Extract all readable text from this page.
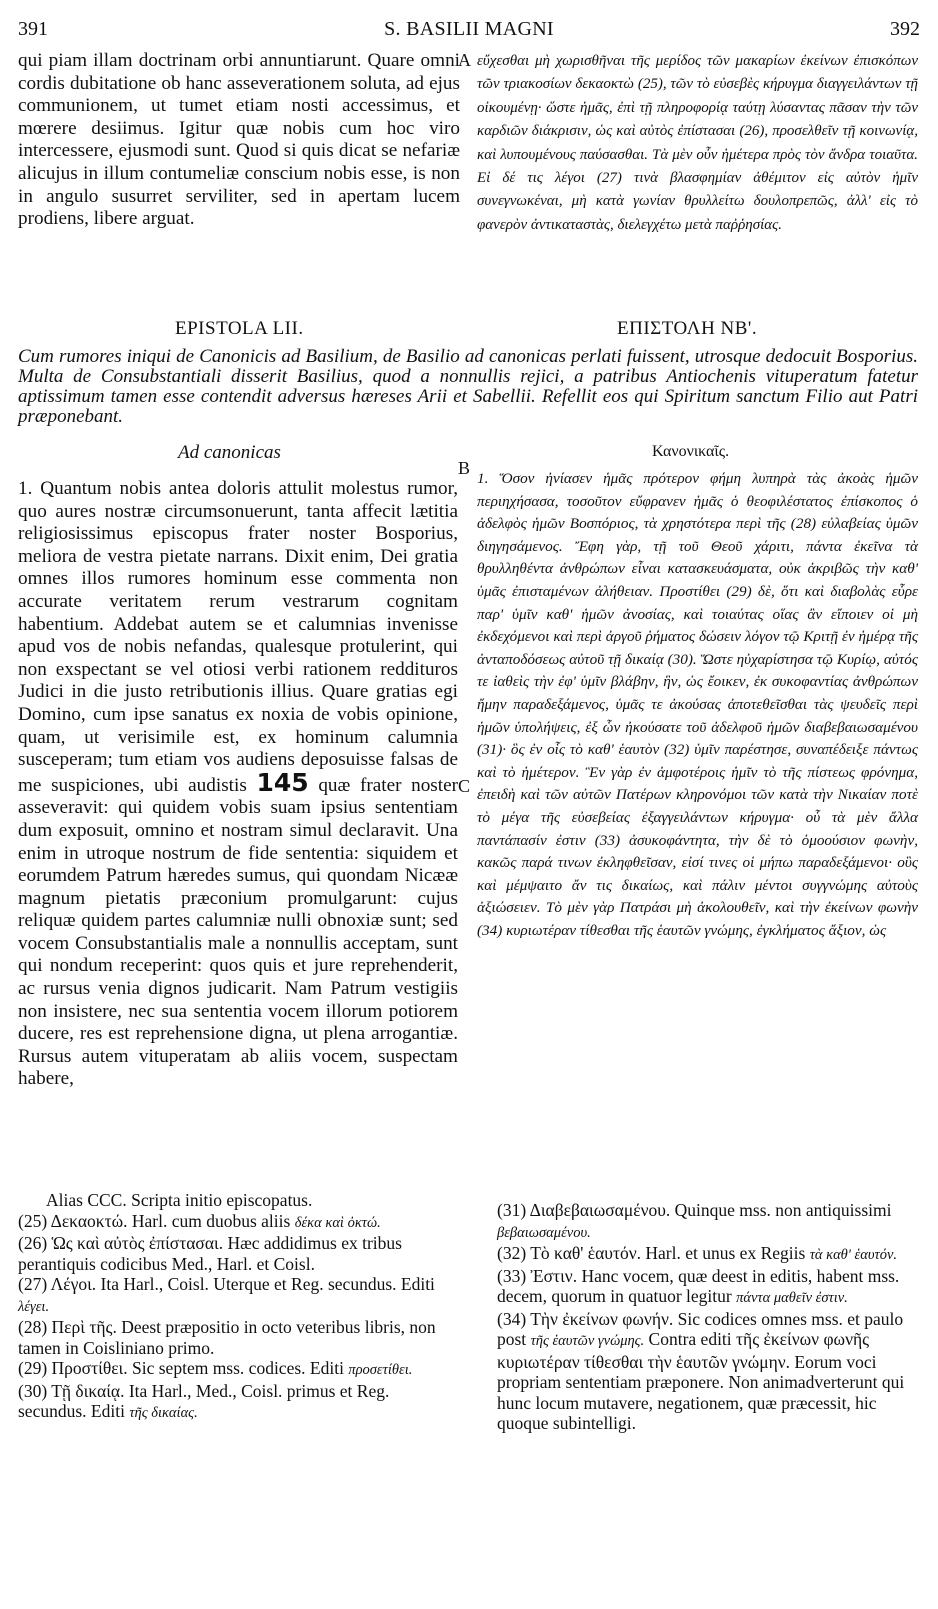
391	S. BASILII MAGNI	392
qui piam illam doctrinam orbi annuntiarunt. Quare omni cordis dubitatione ob hanc asseverationem soluta, ad ejus communionem, ut tumet etiam nosti accessimus, et mœrere desiimus. Igitur quæ nobis cum hoc viro intercessere, ejusmodi sunt. Quod si quis dicat se nefariæ alicujus in illum contumeliæ conscium nobis esse, is non in angulo susurret serviliter, sed in apertam lucem prodiens, libere arguat.
A εὔχεσθαι μὴ χωρισθῆναι τῆς μερίδος τῶν μακαρίων ἐκείνων ἐπισκόπων τῶν τριακοσίων δεκαοκτὼ (25), τῶν τὸ εὐσεβὲς κήρυγμα διαγγειλάντων τῇ οἰκουμένῃ· ὥστε ἡμᾶς, ἐπὶ τῇ πληροφορίᾳ ταύτῃ λύσαντας πᾶσαν τὴν τῶν καρδιῶν διάκρισιν, ὡς καὶ αὐτὸς ἐπίστασαι (26), προσελθεῖν τῇ κοινωνίᾳ, καὶ λυπουμένους παύσασθαι. Τὰ μὲν οὖν ἡμέτερα πρὸς τὸν ἄνδρα τοιαῦτα. Εἰ δέ τις λέγοι (27) τινὰ βλασφημίαν ἀθέμιτον εἰς αὐτὸν ἡμῖν συνεγνωκέναι, μὴ κατὰ γωνίαν θρυλλείτω δουλοπρεπῶς, ἀλλ' εἰς τὸ φανερὸν ἀντικαταστὰς, διελεγχέτω μετὰ παῤῥησίας.
EPISTOLA LII.	ΕΠΙΣΤΟΛΗ ΝΒ'.
Cum rumores iniqui de Canonicis ad Basilium, de Basilio ad canonicas perlati fuissent, utrosque dedocuit Bosporius. Multa de Consubstantiali disserit Basilius, quod a nonnullis rejici, a patribus Antiochenis vituperatum fatetur aptissimum tamen esse contendit adversus hæreses Arii et Sabellii. Refellit eos qui Spiritum sanctum Filio aut Patri præponebant.
Ad canonicas	Κανονικαῖς.
B
1. Quantum nobis antea doloris attulit molestus rumor, quo aures nostræ circumsonuerunt, tanta affecit lætitia religiosissimus episcopus frater noster Bosporius, meliora de vestra pietate narrans. Dixit enim, Dei gratia omnes illos rumores hominum esse commenta non accurate veritatem rerum vestrarum cognitam habentium. Addebat autem se et calumnias invenisse apud vos de nobis nefandas, qualesque protulerint, qui non exspectant se vel otiosi verbi rationem reddituros Judici in die justo retributionis illius. Quare gratias egi Domino, cum ipse sanatus ex noxia de vobis opinione, quam, ut verisimile est, ex hominum calumnia susceperam; tum etiam vos audiens deposuisse falsas de me suspiciones, ubi audistis 145 quæ frater noster asseveravit: qui quidem vobis suam ipsius sententiam dum exposuit, omnino et nostram simul declaravit. Una enim in utroque nostrum de fide sententia: siquidem et eorumdem Patrum hæredes sumus, qui quondam Nicææ magnum pietatis præconium promulgarunt: cujus reliquæ quidem partes calumniæ nulli obnoxiæ sunt; sed vocem Consubstantialis male a nonnullis acceptam, sunt qui nondum receperint: quos quis et jure reprehenderit, ac rursus venia dignos judicarit. Nam Patrum vestigiis non insistere, nec sua sententia vocem illorum potiorem ducere, res est reprehensione digna, ut plena arrogantiæ. Rursus autem vituperatam ab aliis vocem, suspectam habere,
C
1. Ὅσον ἠνίασεν ἡμᾶς πρότερον φήμη λυπηρὰ τὰς ἀκοὰς ἡμῶν περιηχήσασα, τοσοῦτον εὔφρανεν ἡμᾶς ὁ θεοφιλέστατος ἐπίσκοπος ὁ ἀδελφὸς ἡμῶν Βοσπόριος, τὰ χρηστότερα περὶ τῆς (28) εὐλαβείας ὑμῶν διηγησάμενος. Ἔφη γὰρ, τῇ τοῦ Θεοῦ χάριτι, πάντα ἐκεῖνα τὰ θρυλληθέντα ἀνθρώπων εἶναι κατασκευάσματα, οὐκ ἀκριβῶς τὴν καθ' ὑμᾶς ἐπισταμένων ἀλήθειαν. Προστίθει (29) δὲ, ὅτι καὶ διαβολὰς εὗρε παρ' ὑμῖν καθ' ἡμῶν ἀνοσίας, καὶ τοιαύτας οἵας ἂν εἴποιεν οἱ μὴ ἐκδεχόμενοι καὶ περὶ ἀργοῦ ῥήματος δώσειν λόγον τῷ Κριτῇ ἐν ἡμέρᾳ τῆς ἀνταποδόσεως αὐτοῦ τῇ δικαίᾳ (30). Ὥστε ηὐχαρίστησα τῷ Κυρίῳ, αὐτός τε ἰαθεὶς τὴν ἐφ' ὑμῖν βλάβην, ἣν, ὡς ἔοικεν, ἐκ συκοφαντίας ἀνθρώπων ἤμην παραδεξάμενος, ὑμᾶς τε ἀκούσας ἀποτεθεῖσθαι τὰς ψευδεῖς περὶ ἡμῶν ὑπολήψεις, ἐξ ὧν ἠκούσατε τοῦ ἀδελφοῦ ἡμῶν διαβεβαιωσαμένου (31)· ὃς ἐν οἷς τὸ καθ' ἑαυτὸν (32) ὑμῖν παρέστησε, συναπέδειξε πάντως καὶ τὸ ἡμέτερον. Ἓν γὰρ ἐν ἀμφοτέροις ἡμῖν τὸ τῆς πίστεως φρόνημα, ἐπειδὴ καὶ τῶν αὐτῶν Πατέρων κληρονόμοι τῶν κατὰ τὴν Νικαίαν ποτὲ τὸ μέγα τῆς εὐσεβείας ἐξαγγειλάντων κήρυγμα· οὗ τὰ μὲν ἄλλα παντάπασίν ἐστιν (33) ἀσυκοφάντητα, τὴν δὲ τὸ ὁμοούσιον φωνὴν, κακῶς παρά τινων ἐκληφθεῖσαν, εἰσί τινες οἱ μήπω παραδεξάμενοι· οὓς καὶ μέμψαιτο ἄν τις δικαίως, καὶ πάλιν μέντοι συγγνώμης αὐτοὺς ἀξιώσειεν. Τὸ μὲν γὰρ Πατράσι μὴ ἀκολουθεῖν, καὶ τὴν ἐκείνων φωνὴν (34) κυριωτέραν τίθεσθαι τῆς ἑαυτῶν γνώμης, ἐγκλήματος ἄξιον, ὡς

Alias CCC. Scripta initio episcopatus.

(25) Δεκαοκτώ. Harl. cum duobus aliis δέκα καὶ ὀκτώ.

(26) Ὡς καὶ αὐτὸς ἐπίστασαι. Hæc addidimus ex tribus perantiquis codicibus Med., Harl. et Coisl.

(27) Λέγοι. Ita Harl., Coisl. Uterque et Reg. secundus. Editi λέγει.

(28) Περὶ τῆς. Deest præpositio in octo veteribus libris, non tamen in Coisliniano primo.

(29) Προστίθει. Sic septem mss. codices. Editi προσετίθει.

(30) Τῇ δικαίᾳ. Ita Harl., Med., Coisl. primus et Reg. secundus. Editi τῆς δικαίας.

(31) Διαβεβαιωσαμένου. Quinque mss. non antiquissimi βεβαιωσαμένου.

(32) Τὸ καθ' ἑαυτόν. Harl. et unus ex Regiis τὰ καθ' ἑαυτόν.

(33) Ἐστιν. Hanc vocem, quæ deest in editis, habent mss. decem, quorum in quatuor legitur πάντα μαθεῖν ἐστιν.

(34) Τὴν ἐκείνων φωνήν. Sic codices omnes mss. et paulo post τῆς ἑαυτῶν γνώμης. Contra editi τῆς ἐκείνων φωνῆς κυριωτέραν τίθεσθαι τὴν ἑαυτῶν γνώμην. Eorum voci propriam sententiam præponere. Non animadverterunt qui hunc locum mutavere, negationem, quæ præcessit, hic quoque subintelligi.
